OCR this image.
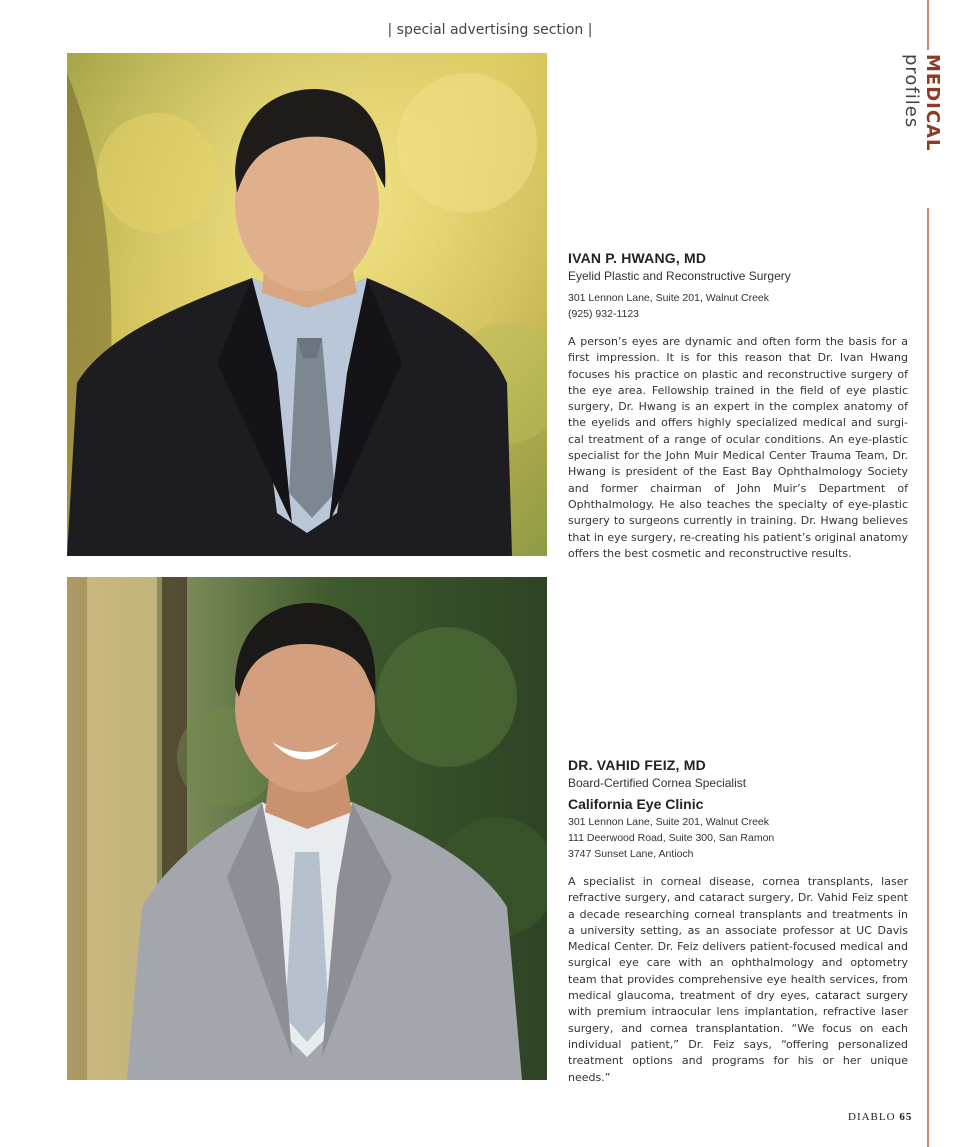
| special advertising section |
MEDICAL profiles

IVAN P. HWANG, MD

Eyelid Plastic and Reconstructive Surgery

301 Lennon Lane, Suite 201, Walnut Creek

(925) 932-1123

A person’s eyes are dynamic and often form the basis for a first impression. It is for this reason that Dr. Ivan Hwang focuses his practice on plastic and reconstructive surgery of the eye area. Fellowship trained in the field of eye plastic surgery, Dr. Hwang is an expert in the complex anatomy of the eyelids and offers highly specialized medical and surgi-cal treatment of a range of ocular conditions. An eye-plastic specialist for the John Muir Medical Center Trauma Team, Dr. Hwang is president of the East Bay Ophthalmology Society and former chairman of John Muir’s Department of Ophthalmology. He also teaches the specialty of eye-plastic surgery to surgeons currently in training. Dr. Hwang believes that in eye surgery, re-creating his patient’s original anatomy offers the best cosmetic and reconstructive results.

DR. VAHID FEIZ, MD

Board-Certified Cornea Specialist

California Eye Clinic

301 Lennon Lane, Suite 201, Walnut Creek

111 Deerwood Road, Suite 300, San Ramon

3747 Sunset Lane, Antioch

A specialist in corneal disease, cornea transplants, laser refractive surgery, and cataract surgery, Dr. Vahid Feiz spent a decade researching corneal transplants and treatments in a university setting, as an associate professor at UC Davis Medical Center. Dr. Feiz delivers patient-focused medical and surgical eye care with an ophthalmology and optometry team that provides comprehensive eye health services, from medical glaucoma, treatment of dry eyes, cataract surgery with premium intraocular lens implantation, refractive laser surgery, and cornea transplantation. “We focus on each individual patient,” Dr. Feiz says, “offering personalized treatment options and programs for his or her unique needs.”

DIABLO 65
